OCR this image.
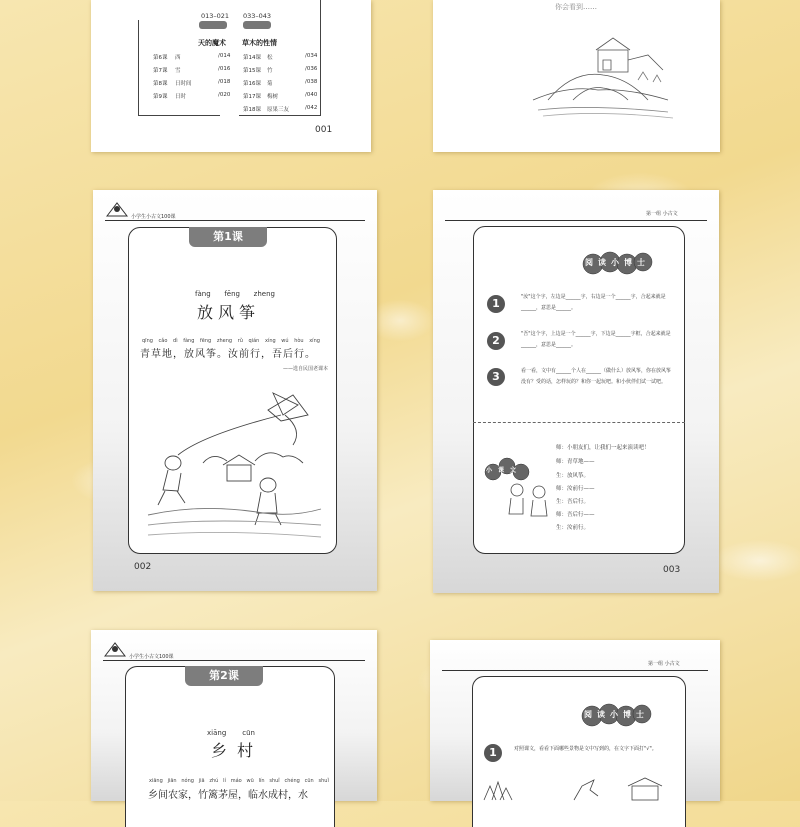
013–021
天的魔术
第6课 西	/014
第7课 雪	/016
第8课 日时间	/018
第9课 日时	/020
033–043
草木的性情
第14课 松	/034
第15课 竹	/036
第16课 菊	/038
第17课 梅树	/040
第18课 原果三友	/042
001
你会看到……
小学生小古文100课
第1课
fàng fēng zheng
放风筝
qīng cǎo dì fàng fēng zheng rǔ qián xíng wú hòu xíng
青草地，放风筝。汝前行，吾后行。
——选自民国老课本
002
第一组 小古文
阅读小博士
1	"汝"这个字，左边是______字，右边是一个______字，合起来就是______，意思是______。
2	"吾"这个字，上边是一个______字，下边是______字框，合起来就是______，意思是______。
3	看一看，文中有______个人在______（做什么）放风筝，你在放风筝没有？受的话，怎样玩的？和你一起玩吧。和小伙伴们试一试吧。
小课文
师：小朋友们，让我们一起来演读吧！
师：青草地——
生：放风筝。
师：汝前行——
生：吾后行。
师：吾后行——
生：汝前行。
003
小学生小古文100课
第2课
xiāng cūn
乡村
xiāng jiān nóng jiā zhú lí máo wū lín shuǐ chéng cūn shuǐ
乡间农家，竹篱茅屋，临水成村，水
第一组 小古文
阅读小博士
1	对照课文，看看下面哪些景物是文中写到的，在文字下面打"√"。
